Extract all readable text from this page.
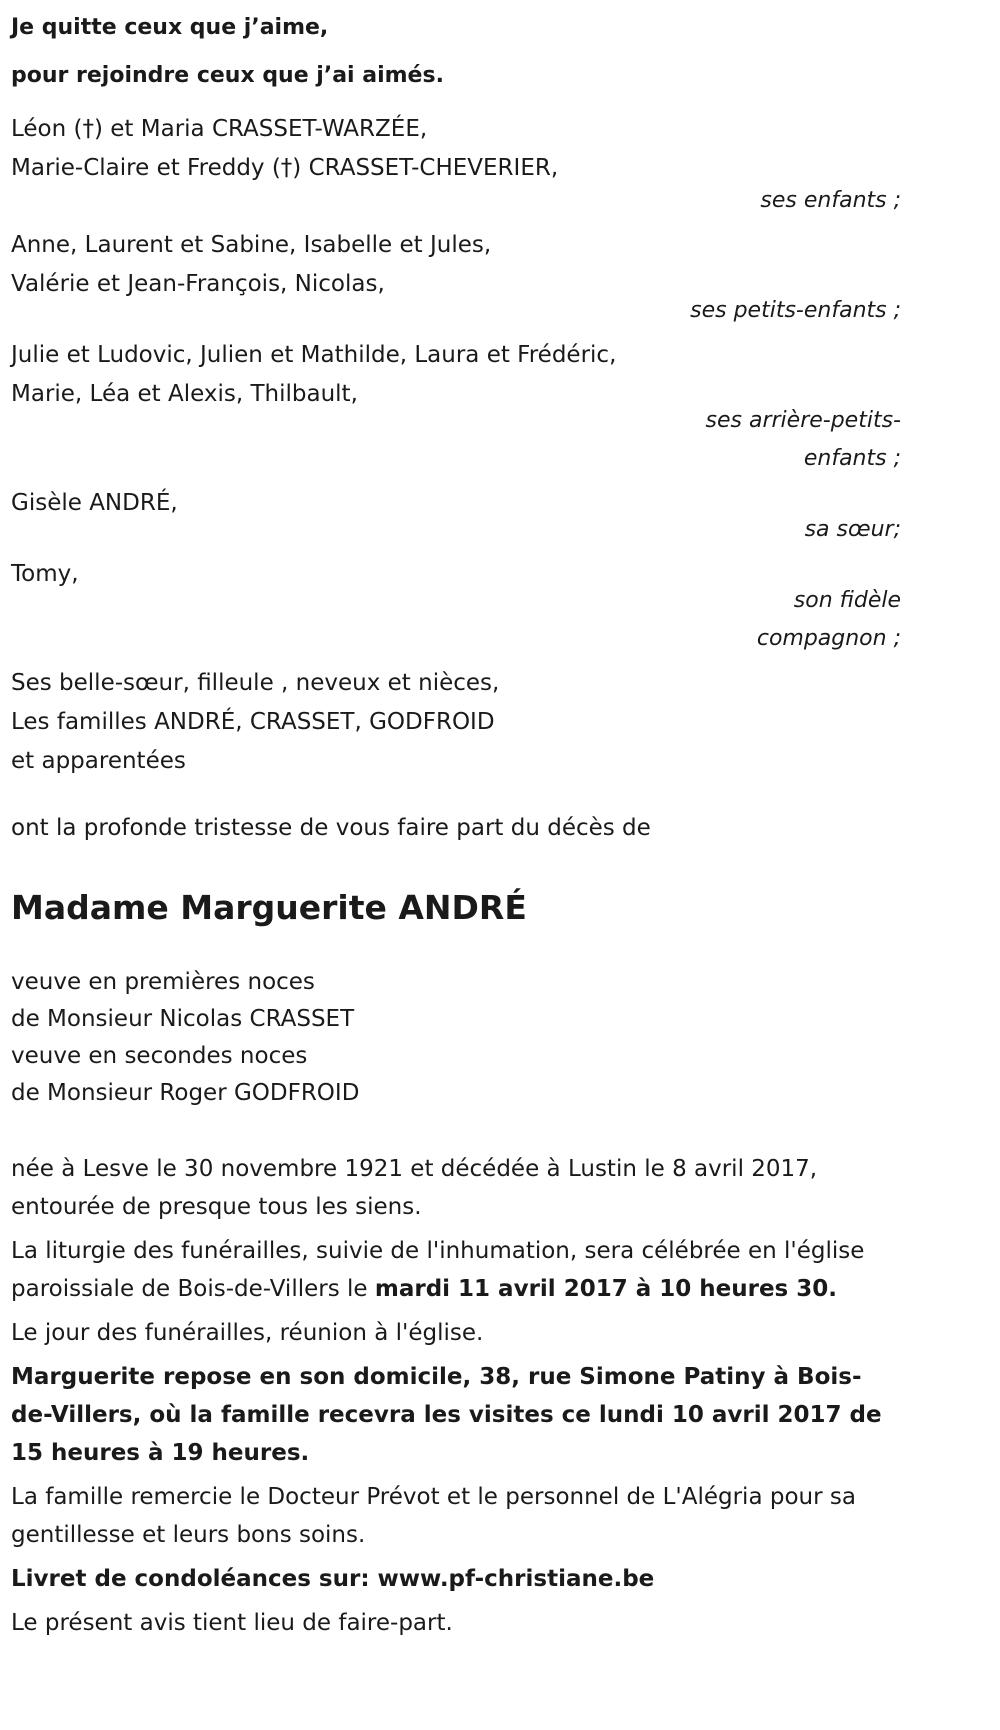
Je quitte ceux que j’aime,
pour rejoindre ceux que j’ai aimés.
Léon (†) et Maria CRASSET-WARZÉE,
Marie-Claire et Freddy (†) CRASSET-CHEVERIER,
ses enfants ;
Anne, Laurent et Sabine, Isabelle et Jules,
Valérie et Jean-François, Nicolas,
ses petits-enfants ;
Julie et Ludovic, Julien et Mathilde, Laura et Frédéric,
Marie, Léa et Alexis, Thilbault,
ses arrière-petits-
enfants ;
Gisèle ANDRÉ,
sa sœur;
Tomy,
son fidèle
compagnon ;
Ses belle-sœur, filleule , neveux et nièces,
Les familles ANDRÉ, CRASSET, GODFROID
et apparentées
ont la profonde tristesse de vous faire part du décès de
Madame Marguerite ANDRÉ
veuve en premières noces
de Monsieur Nicolas CRASSET
veuve en secondes noces
de Monsieur Roger GODFROID
née à Lesve le 30 novembre 1921 et décédée à Lustin le 8 avril 2017,
entourée de presque tous les siens.
La liturgie des funérailles, suivie de l'inhumation, sera célébrée en l'église paroissiale de Bois-de-Villers le mardi 11 avril 2017 à 10 heures 30.
Le jour des funérailles, réunion à l'église.
Marguerite repose en son domicile, 38, rue Simone Patiny à Bois-de-Villers, où la famille recevra les visites ce lundi 10 avril 2017 de 15 heures à 19 heures.
La famille remercie le Docteur Prévot et le personnel de L'Alégria pour sa gentillesse et leurs bons soins.
Livret de condoléances sur: www.pf-christiane.be
Le présent avis tient lieu de faire-part.
